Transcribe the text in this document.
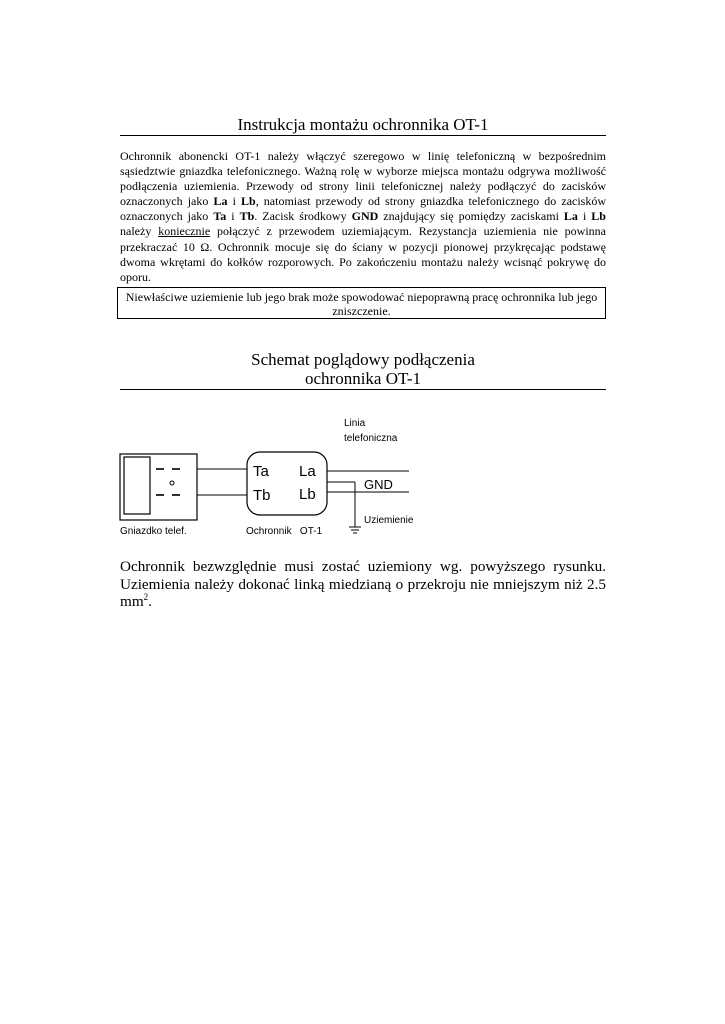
Instrukcja montażu ochronnika OT-1
Ochronnik abonencki OT-1 należy włączyć szeregowo w linię telefoniczną w bezpośrednim sąsiedztwie gniazdka telefonicznego. Ważną rolę w wyborze miejsca montażu odgrywa możliwość podłączenia uziemienia. Przewody od strony linii telefonicznej należy podłączyć do zacisków oznaczonych jako La i Lb, natomiast przewody od strony gniazdka telefonicznego do zacisków oznaczonych jako Ta i Tb. Zacisk środkowy GND znajdujący się pomiędzy zaciskami La i Lb należy koniecznie połączyć z przewodem uziemiającym. Rezystancja uziemienia nie powinna przekraczać 10 Ω. Ochronnik mocuje się do ściany w pozycji pionowej przykręcając podstawę dwoma wkrętami do kołków rozporowych. Po zakończeniu montażu należy wcisnąć pokrywę do oporu.
Niewłaściwe uziemienie lub jego brak może spowodować niepoprawną pracę ochronnika lub jego zniszczenie.
Schemat poglądowy podłączenia
ochronnika OT-1
Ta
Tb
La
Lb
Linia
telefoniczna
GND
Uziemienie
Gniazdko telef.	Ochronnik   OT-1
Ochronnik bezwzględnie musi zostać uziemiony wg. powyższego rysunku. Uziemienia należy dokonać linką miedzianą o przekroju nie mniejszym niż 2.5 $mm^2$.
